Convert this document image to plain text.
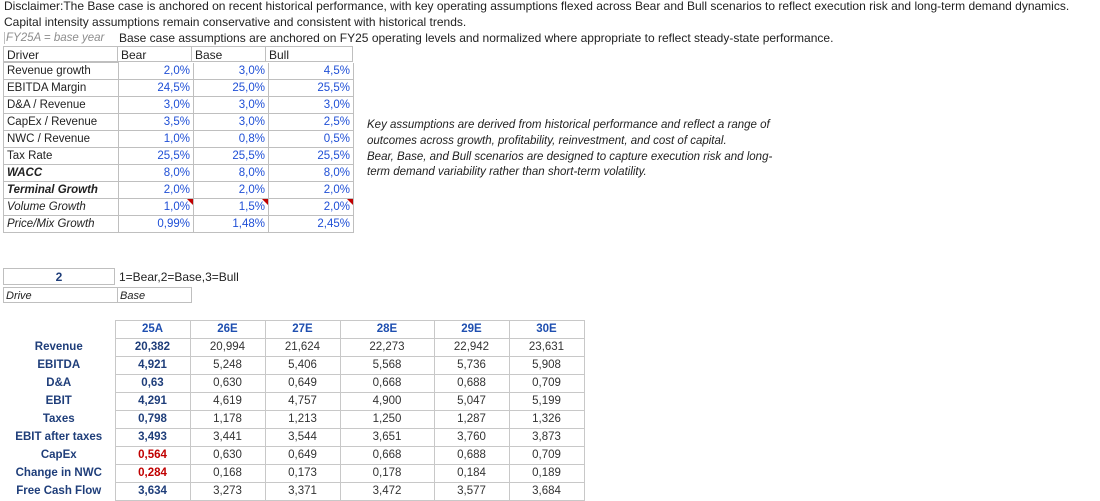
Disclaimer:The Base case is anchored on recent historical performance, with key operating assumptions flexed across Bear and Bull scenarios to reflect execution risk and long-term demand dynamics.
Capital intensity assumptions remain conservative and consistent with historical trends.
FY25A = base year Base case assumptions are anchored on FY25 operating levels and normalized where appropriate to reflect steady-state performance.
Driver	Bear	Base	Bull
Revenue growth	2,0%	3,0%	4,5%
EBITDA Margin	24,5%	25,0%	25,5%
D&A / Revenue	3,0%	3,0%	3,0%
CapEx / Revenue	3,5%	3,0%	2,5%
NWC / Revenue	1,0%	0,8%	0,5%
Tax Rate	25,5%	25,5%	25,5%
WACC	8,0%	8,0%	8,0%
Terminal Growth	2,0%	2,0%	2,0%
Volume Growth	1,0%	1,5%	2,0%
Price/Mix Growth	0,99%	1,48%	2,45%
Key assumptions are derived from historical performance and reflect a range of
outcomes across growth, profitability, reinvestment, and cost of capital.
Bear, Base, and Bull scenarios are designed to capture execution risk and long-
term demand variability rather than short-term volatility.
2	1=Bear,2=Base,3=Bull
Drive	Base
	25A	26E	27E	28E	29E	30E
Revenue	20,382	20,994	21,624	22,273	22,942	23,631
EBITDA	4,921	5,248	5,406	5,568	5,736	5,908
D&A	0,63	0,630	0,649	0,668	0,688	0,709
EBIT	4,291	4,619	4,757	4,900	5,047	5,199
Taxes	0,798	1,178	1,213	1,250	1,287	1,326
EBIT after taxes	3,493	3,441	3,544	3,651	3,760	3,873
CapEx	0,564	0,630	0,649	0,668	0,688	0,709
Change in NWC	0,284	0,168	0,173	0,178	0,184	0,189
Free Cash Flow	3,634	3,273	3,371	3,472	3,577	3,684
